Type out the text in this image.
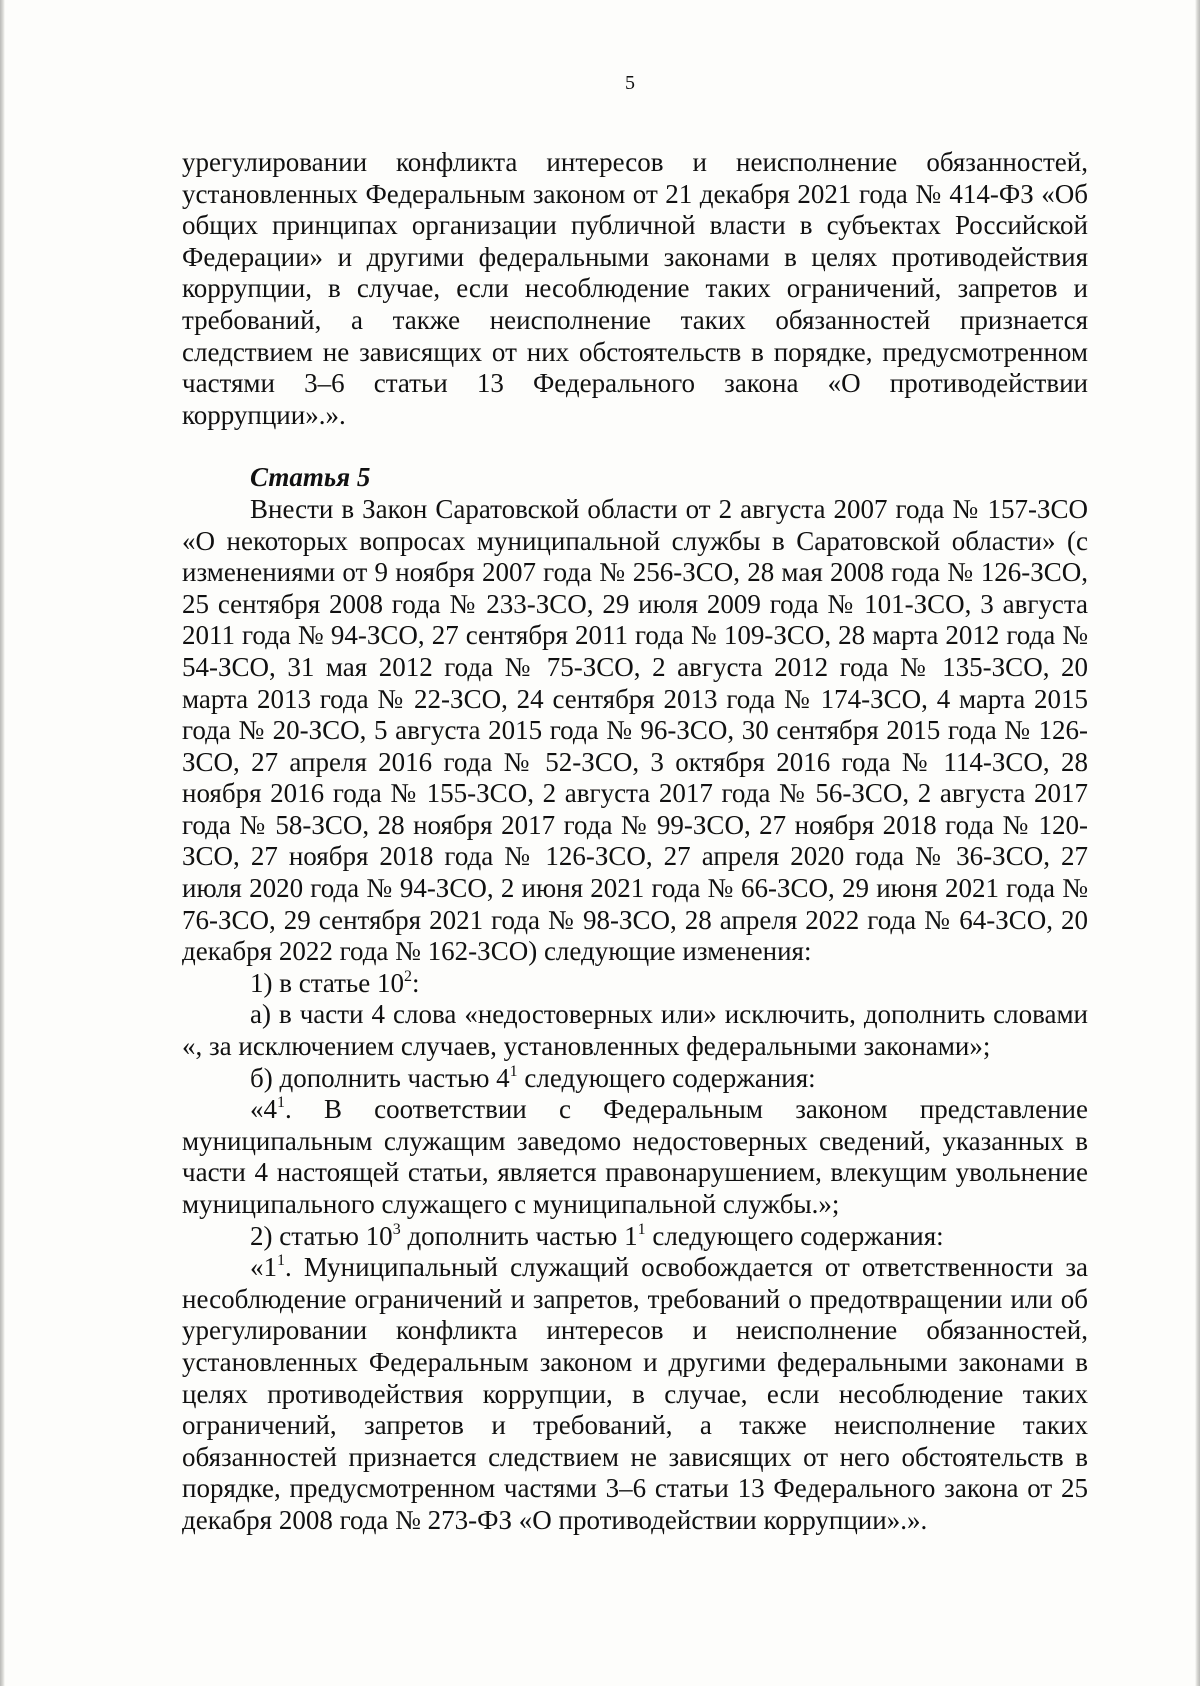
5

урегулировании конфликта интересов и неисполнение обязанностей, установленных Федеральным законом от 21 декабря 2021 года № 414-ФЗ «Об общих принципах организации публичной власти в субъектах Российской Федерации» и другими федеральными законами в целях противодействия коррупции, в случае, если несоблюдение таких ограничений, запретов и требований, а также неисполнение таких обязанностей признается следствием не зависящих от них обстоятельств в порядке, предусмотренном частями 3–6 статьи 13 Федерального закона «О противодействии коррупции».».

Статья 5

Внести в Закон Саратовской области от 2 августа 2007 года № 157-ЗСО «О некоторых вопросах муниципальной службы в Саратовской области» (с изменениями от 9 ноября 2007 года № 256-ЗСО, 28 мая 2008 года № 126-ЗСО, 25 сентября 2008 года № 233-ЗСО, 29 июля 2009 года № 101-ЗСО, 3 августа 2011 года № 94-ЗСО, 27 сентября 2011 года № 109-ЗСО, 28 марта 2012 года № 54-ЗСО, 31 мая 2012 года № 75-ЗСО, 2 августа 2012 года № 135-ЗСО, 20 марта 2013 года № 22-ЗСО, 24 сентября 2013 года № 174-ЗСО, 4 марта 2015 года № 20-ЗСО, 5 августа 2015 года № 96-ЗСО, 30 сентября 2015 года № 126-ЗСО, 27 апреля 2016 года № 52-ЗСО, 3 октября 2016 года № 114-ЗСО, 28 ноября 2016 года № 155-ЗСО, 2 августа 2017 года № 56-ЗСО, 2 августа 2017 года № 58-ЗСО, 28 ноября 2017 года № 99-ЗСО, 27 ноября 2018 года № 120-ЗСО, 27 ноября 2018 года № 126-ЗСО, 27 апреля 2020 года № 36-ЗСО, 27 июля 2020 года № 94-ЗСО, 2 июня 2021 года № 66-ЗСО, 29 июня 2021 года № 76-ЗСО, 29 сентября 2021 года № 98-ЗСО, 28 апреля 2022 года № 64-ЗСО, 20 декабря 2022 года № 162-ЗСО) следующие изменения:

1) в статье $10^2$:

а) в части 4 слова «недостоверных или» исключить, дополнить словами «, за исключением случаев, установленных федеральными законами»;

б) дополнить частью $4^1$ следующего содержания:

«$4^1$. В соответствии с Федеральным законом представление муниципальным служащим заведомо недостоверных сведений, указанных в части 4 настоящей статьи, является правонарушением, влекущим увольнение муниципального служащего с муниципальной службы.»;

2) статью $10^3$ дополнить частью $1^1$ следующего содержания:

«$1^1$. Муниципальный служащий освобождается от ответственности за несоблюдение ограничений и запретов, требований о предотвращении или об урегулировании конфликта интересов и неисполнение обязанностей, установленных Федеральным законом и другими федеральными законами в целях противодействия коррупции, в случае, если несоблюдение таких ограничений, запретов и требований, а также неисполнение таких обязанностей признается следствием не зависящих от него обстоятельств в порядке, предусмотренном частями 3–6 статьи 13 Федерального закона от 25 декабря 2008 года № 273-ФЗ «О противодействии коррупции».».
